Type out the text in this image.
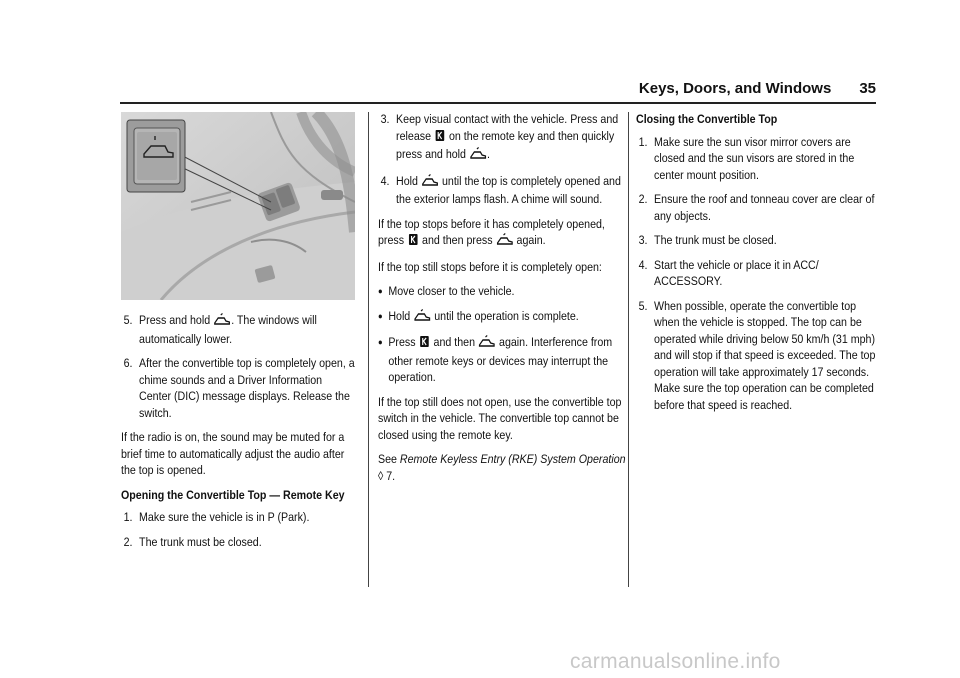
Keys, Doors, and Windows 35
5. Press and hold . The windows will automatically lower.
6. After the convertible top is completely open, a chime sounds and a Driver Information Center (DIC) message displays. Release the switch.

If the radio is on, the sound may be muted for a brief time to automatically adjust the audio after the top is opened.

Opening the Convertible Top — Remote Key

1. Make sure the vehicle is in P (Park).
2. The trunk must be closed.
3. Keep visual contact with the vehicle. Press and release on the remote key and then quickly press and hold .
4. Hold until the top is completely opened and the exterior lamps flash. A chime will sound.

If the top stops before it has completely opened, press and then press again.

If the top still stops before it is completely open:

● Move closer to the vehicle.
● Hold until the operation is complete.
● Press and then again. Interference from other remote keys or devices may interrupt the operation.

If the top still does not open, use the convertible top switch in the vehicle. The convertible top cannot be closed using the remote key.

See Remote Keyless Entry (RKE) System Operation ◊ 7.

Closing the Convertible Top

1. Make sure the sun visor mirror covers are closed and the sun visors are stored in the center mount position.
2. Ensure the roof and tonneau cover are clear of any objects.
3. The trunk must be closed.
4. Start the vehicle or place it in ACC/ ACCESSORY.
5. When possible, operate the convertible top when the vehicle is stopped. The top can be operated while driving below 50 km/h (31 mph) and will stop if that speed is exceeded. The top operation will take approximately 17 seconds. Make sure the top operation can be completed before that speed is reached.
carmanualsonline.info
